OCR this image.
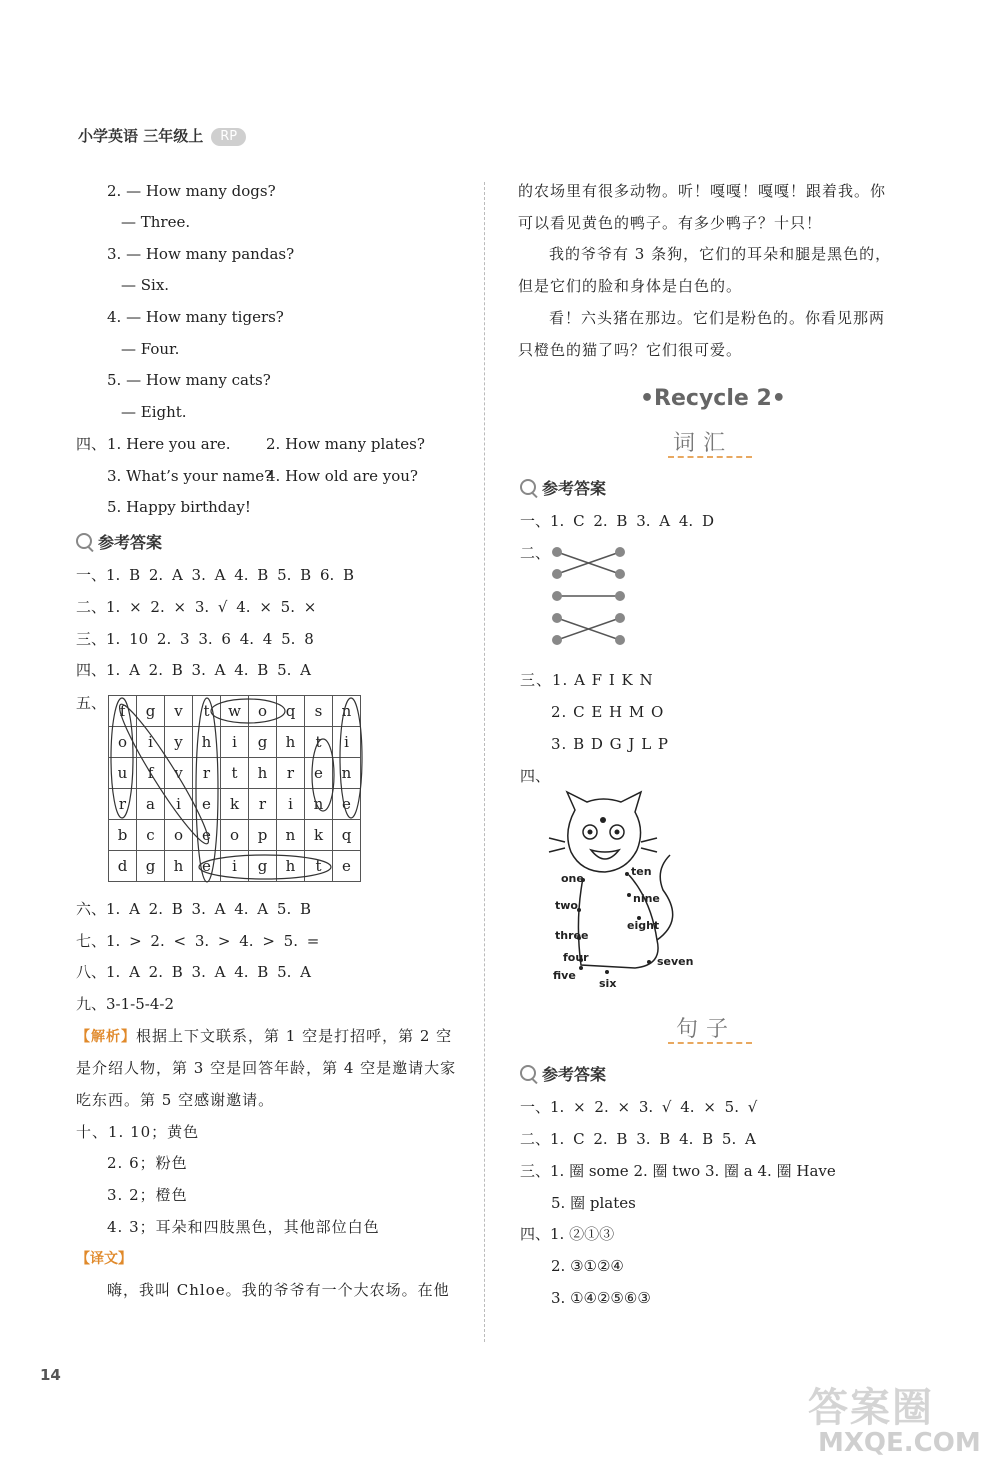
小学英语 三年级上 RP
2. — How many dogs?
— Three.
3. — How many pandas?
— Six.
4. — How many tigers?
— Four.
5. — How many cats?
— Eight.
四、 1. Here you are. 2. How many plates?
3. What’s your name?
4. How old are you?
5. Happy birthday!
参考答案
一、1. B 2. A 3. A 4. B 5. B 6. B
二、1. × 2. × 3. √ 4. × 5. ×
三、1. 10 2. 3 3. 6 4. 4 5. 8
四、1. A 2. B 3. A 4. B 5. A
五、 f	g	v	t	w	o	q	s	n
o	i	y	h	i	g	h	t	i
u	f	v	r	t	h	r	e	n
r	a	i	e	k	r	i	n	e
b	c	o	e	o	p	n	k	q
d	g	h	e	i	g	h	t	e
六、1. A 2. B 3. A 4. A 5. B
七、1. > 2. < 3. > 4. > 5. =
八、1. A 2. B 3. A 4. B 5. A
九、3-1-5-4-2
【解析】根据上下文联系，第 1 空是打招呼，第 2 空
是介绍人物，第 3 空是回答年龄，第 4 空是邀请大家
吃东西。第 5 空感谢邀请。
十、1. 10；黄色
2. 6；粉色
3. 2；橙色
4. 3；耳朵和四肢黑色，其他部位白色
【译文】
嗨，我叫 Chloe。我的爷爷有一个大农场。在他
的农场里有很多动物。听！嘎嘎！嘎嘎！跟着我。你
可以看见黄色的鸭子。有多少鸭子？十只！
我的爷爷有 3 条狗，它们的耳朵和腿是黑色的，
但是它们的脸和身体是白色的。
看！六头猪在那边。它们是粉色的。你看见那两
只橙色的猫了吗？它们很可爱。
•Recycle 2•
词汇
参考答案
一、1. C 2. B 3. A 4. D
二、
三、1. A F I K N
2. C E H M O
3. B D G J L P
四、
one
two
three
four
five
six
seven
eight
nine
ten
句子
参考答案
一、1. × 2. × 3. √ 4. × 5. √
二、1. C 2. B 3. B 4. B 5. A
三、1. 圈 some 2. 圈 two 3. 圈 a 4. 圈 Have
5. 圈 plates
四、1. ②①③
2. ③①②④
3. ①④②⑤⑥③
14
答案圈
MXQE.COM
